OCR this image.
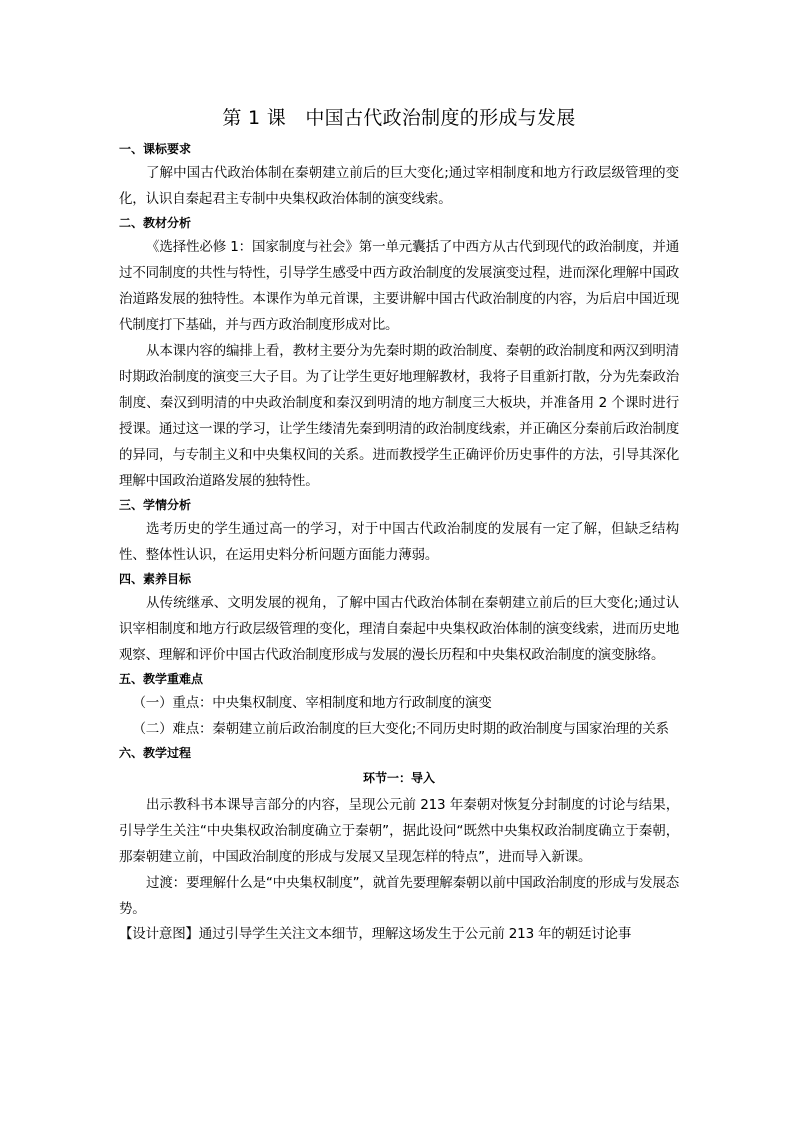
第 1 课　中国古代政治制度的形成与发展

一、课标要求

了解中国古代政治体制在秦朝建立前后的巨大变化;通过宰相制度和地方行政层级管理的变化，认识自秦起君主专制中央集权政治体制的演变线索。

二、教材分析

《选择性必修 1：国家制度与社会》第一单元囊括了中西方从古代到现代的政治制度，并通过不同制度的共性与特性，引导学生感受中西方政治制度的发展演变过程，进而深化理解中国政治道路发展的独特性。本课作为单元首课，主要讲解中国古代政治制度的内容，为后启中国近现代制度打下基础，并与西方政治制度形成对比。

从本课内容的编排上看，教材主要分为先秦时期的政治制度、秦朝的政治制度和两汉到明清时期政治制度的演变三大子目。为了让学生更好地理解教材，我将子目重新打散，分为先秦政治制度、秦汉到明清的中央政治制度和秦汉到明清的地方制度三大板块，并准备用 2 个课时进行授课。通过这一课的学习，让学生缕清先秦到明清的政治制度线索，并正确区分秦前后政治制度的异同，与专制主义和中央集权间的关系。进而教授学生正确评价历史事件的方法，引导其深化理解中国政治道路发展的独特性。

三、学情分析

选考历史的学生通过高一的学习，对于中国古代政治制度的发展有一定了解，但缺乏结构性、整体性认识，在运用史料分析问题方面能力薄弱。

四、素养目标

从传统继承、文明发展的视角，了解中国古代政治体制在秦朝建立前后的巨大变化;通过认识宰相制度和地方行政层级管理的变化，理清自秦起中央集权政治体制的演变线索，进而历史地观察、理解和评价中国古代政治制度形成与发展的漫长历程和中央集权政治制度的演变脉络。

五、教学重难点

（一）重点：中央集权制度、宰相制度和地方行政制度的演变

（二）难点：秦朝建立前后政治制度的巨大变化;不同历史时期的政治制度与国家治理的关系

六、教学过程

环节一：导入

出示教科书本课导言部分的内容，呈现公元前 213 年秦朝对恢复分封制度的讨论与结果，引导学生关注“中央集权政治制度确立于秦朝”，据此设问“既然中央集权政治制度确立于秦朝，那秦朝建立前，中国政治制度的形成与发展又呈现怎样的特点”，进而导入新课。

过渡：要理解什么是“中央集权制度”，就首先要理解秦朝以前中国政治制度的形成与发展态势。

【设计意图】通过引导学生关注文本细节，理解这场发生于公元前 213 年的朝廷讨论事
